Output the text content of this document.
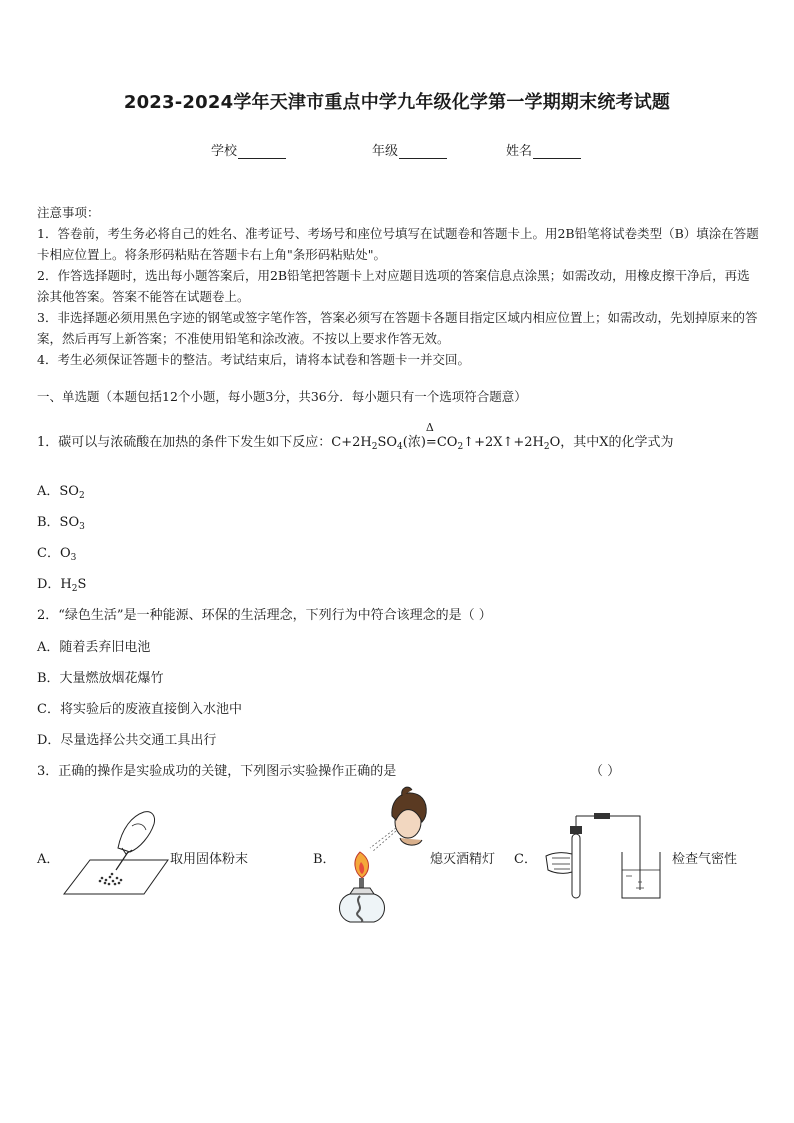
2023-2024学年天津市重点中学九年级化学第一学期期末统考试题
学校	年级	姓名

注意事项：

1．答卷前，考生务必将自己的姓名、准考证号、考场号和座位号填写在试题卷和答题卡上。用2B铅笔将试卷类型（B）填涂在答题卡相应位置上。将条形码粘贴在答题卡右上角"条形码粘贴处"。

2．作答选择题时，选出每小题答案后，用2B铅笔把答题卡上对应题目选项的答案信息点涂黑；如需改动，用橡皮擦干净后，再选涂其他答案。答案不能答在试题卷上。

3．非选择题必须用黑色字迹的钢笔或签字笔作答，答案必须写在答题卡各题目指定区域内相应位置上；如需改动，先划掉原来的答案，然后再写上新答案；不准使用铅笔和涂改液。不按以上要求作答无效。

4．考生必须保证答题卡的整洁。考试结束后，请将本试卷和答题卡一并交回。

一、单选题（本题包括12个小题，每小题3分，共36分．每小题只有一个选项符合题意）
1．碳可以与浓硫酸在加热的条件下发生如下反应：$C+2H_2SO_4$(浓)
Δ
$=CO_2↑+2X↑+2H_2O$，其中X的化学式为
A．$SO_2$
B．$SO_3$
C．$O_3$
D．$H_2S$
2．“绿色生活”是一种能源、环保的生活理念，下列行为中符合该理念的是（ ）
A．随着丢弃旧电池
B．大量燃放烟花爆竹
C．将实验后的废液直接倒入水池中
D．尽量选择公共交通工具出行
3．正确的操作是实验成功的关键，下列图示实验操作正确的是	（ ）
A．	取用固体粉末	B．	熄灭酒精灯 C．	检查气密性
